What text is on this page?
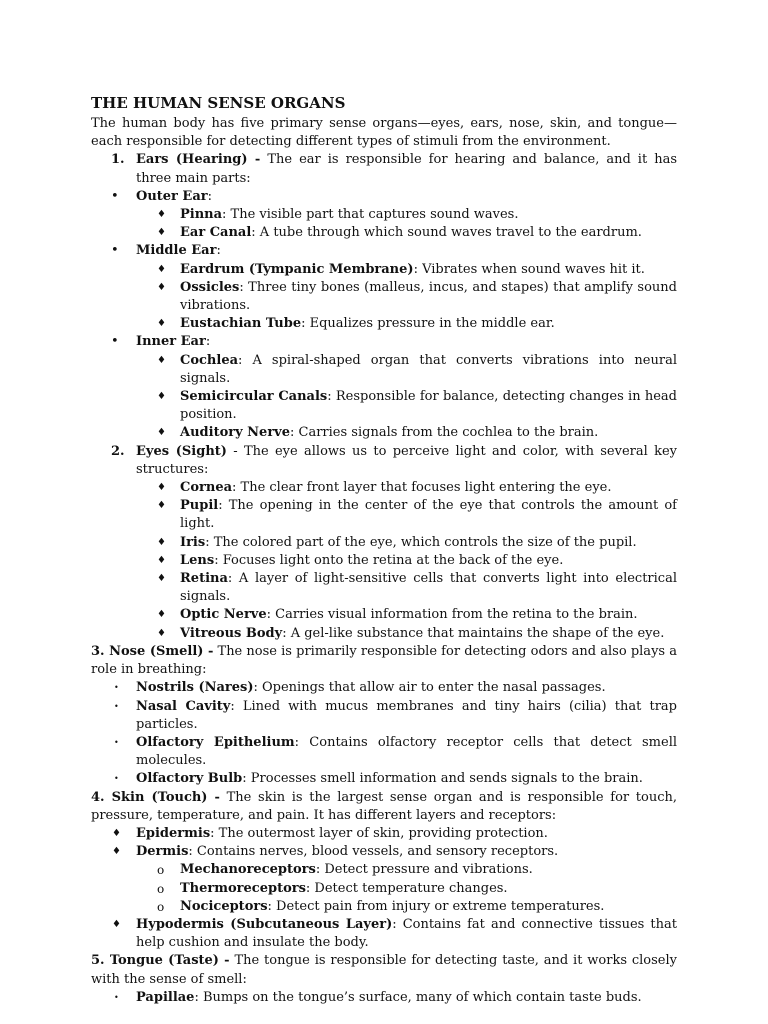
THE HUMAN SENSE ORGANS
The human body has five primary sense organs—eyes, ears, nose, skin, and tongue—each responsible for detecting different types of stimuli from the environment.
1. Ears (Hearing) - The ear is responsible for hearing and balance, and it has three main parts:
• Outer Ear:
♦ Pinna: The visible part that captures sound waves.
♦ Ear Canal: A tube through which sound waves travel to the eardrum.
• Middle Ear:
♦ Eardrum (Tympanic Membrane): Vibrates when sound waves hit it.
♦ Ossicles: Three tiny bones (malleus, incus, and stapes) that amplify sound vibrations.
♦ Eustachian Tube: Equalizes pressure in the middle ear.
• Inner Ear:
♦ Cochlea: A spiral-shaped organ that converts vibrations into neural signals.
♦ Semicircular Canals: Responsible for balance, detecting changes in head position.
♦ Auditory Nerve: Carries signals from the cochlea to the brain.
2. Eyes (Sight) - The eye allows us to perceive light and color, with several key structures:
♦ Cornea: The clear front layer that focuses light entering the eye.
♦ Pupil: The opening in the center of the eye that controls the amount of light.
♦ Iris: The colored part of the eye, which controls the size of the pupil.
♦ Lens: Focuses light onto the retina at the back of the eye.
♦ Retina: A layer of light-sensitive cells that converts light into electrical signals.
♦ Optic Nerve: Carries visual information from the retina to the brain.
♦ Vitreous Body: A gel-like substance that maintains the shape of the eye.
3. Nose (Smell) - The nose is primarily responsible for detecting odors and also plays a role in breathing:
• Nostrils (Nares): Openings that allow air to enter the nasal passages.
• Nasal Cavity: Lined with mucus membranes and tiny hairs (cilia) that trap particles.
• Olfactory Epithelium: Contains olfactory receptor cells that detect smell molecules.
• Olfactory Bulb: Processes smell information and sends signals to the brain.
4. Skin (Touch) - The skin is the largest sense organ and is responsible for touch, pressure, temperature, and pain. It has different layers and receptors:
♦ Epidermis: The outermost layer of skin, providing protection.
♦ Dermis: Contains nerves, blood vessels, and sensory receptors.
o Mechanoreceptors: Detect pressure and vibrations.
o Thermoreceptors: Detect temperature changes.
o Nociceptors: Detect pain from injury or extreme temperatures.
♦ Hypodermis (Subcutaneous Layer): Contains fat and connective tissues that help cushion and insulate the body.
5. Tongue (Taste) - The tongue is responsible for detecting taste, and it works closely with the sense of smell:
• Papillae: Bumps on the tongue’s surface, many of which contain taste buds.
